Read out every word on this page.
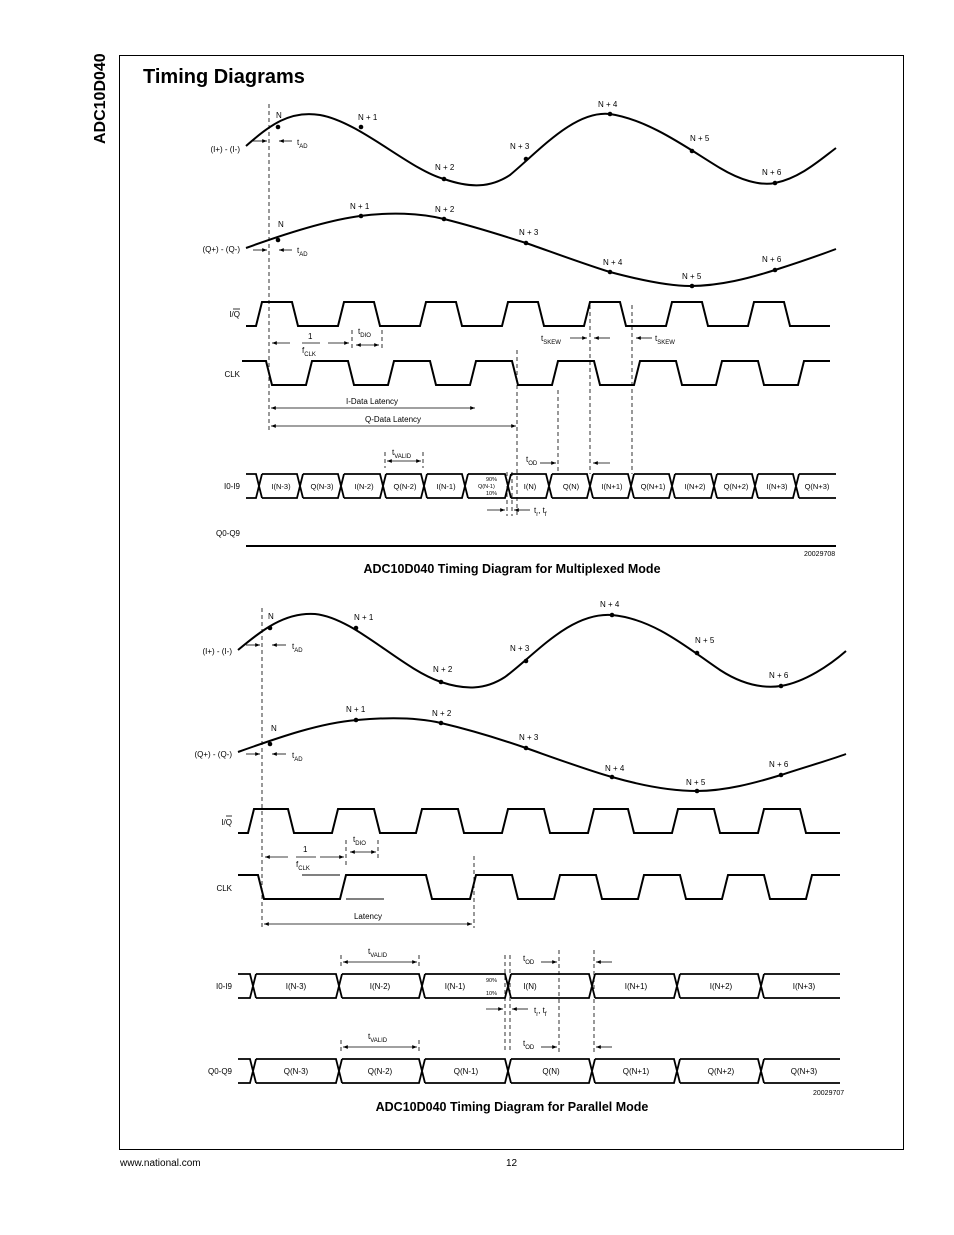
ADC10D040 Timing Diagrams
(I+) - (I-)
(Q+) - (Q-)
I/Q
CLK
I0-I9
Q0-Q9
N	N + 1
N + 2
N + 3
N + 4
N + 5
N + 6
N
N + 1	N + 2
N + 3
N + 4
N + 5
N + 6
$t_{AD}$
$t_{AD}$
1
$f_{CLK}$
$t_{DIO}$	$t_{SKEW}$	$t_{SKEW}$
I-Data Latency
Q-Data Latency
$t_{VALID}$	$t_{OD}$
$t_r$, $t_f$
I(N-3)	Q(N-3)	I(N-2)	Q(N-2)	I(N-1)	I(N)	Q(N)	I(N+1) Q(N+1)	I(N+2) Q(N+2) I(N+3) Q(N+3)
90%
Q(N-1)
10%
(I+) - (I-)
(Q+) - (Q-)
I/Q
CLK
I0-I9
Q0-Q9
N	N + 1
N + 2
N + 3
N + 4
N + 5
N + 6
N
N + 1	N + 2
N + 3
N + 4
N + 5
N + 6
$t_{AD}$
$t_{AD}$
1
$f_{CLK}$
$t_{DIO}$
Latency
$t_{VALID}$
$t_{VALID}$
$t_{OD}$
$t_{OD}$
$t_r$, $t_f$
I(N-3)	I(N-2)	I(N-1)	I(N)	I(N+1)	I(N+2)	I(N+3)
90%
10%
Q(N-3)	Q(N-2)	Q(N-1)	Q(N)	Q(N+1)	Q(N+2)	Q(N+3)
20029708
ADC10D040 Timing Diagram for Multiplexed Mode
20029707
ADC10D040 Timing Diagram for Parallel Mode
www.national.com	12
